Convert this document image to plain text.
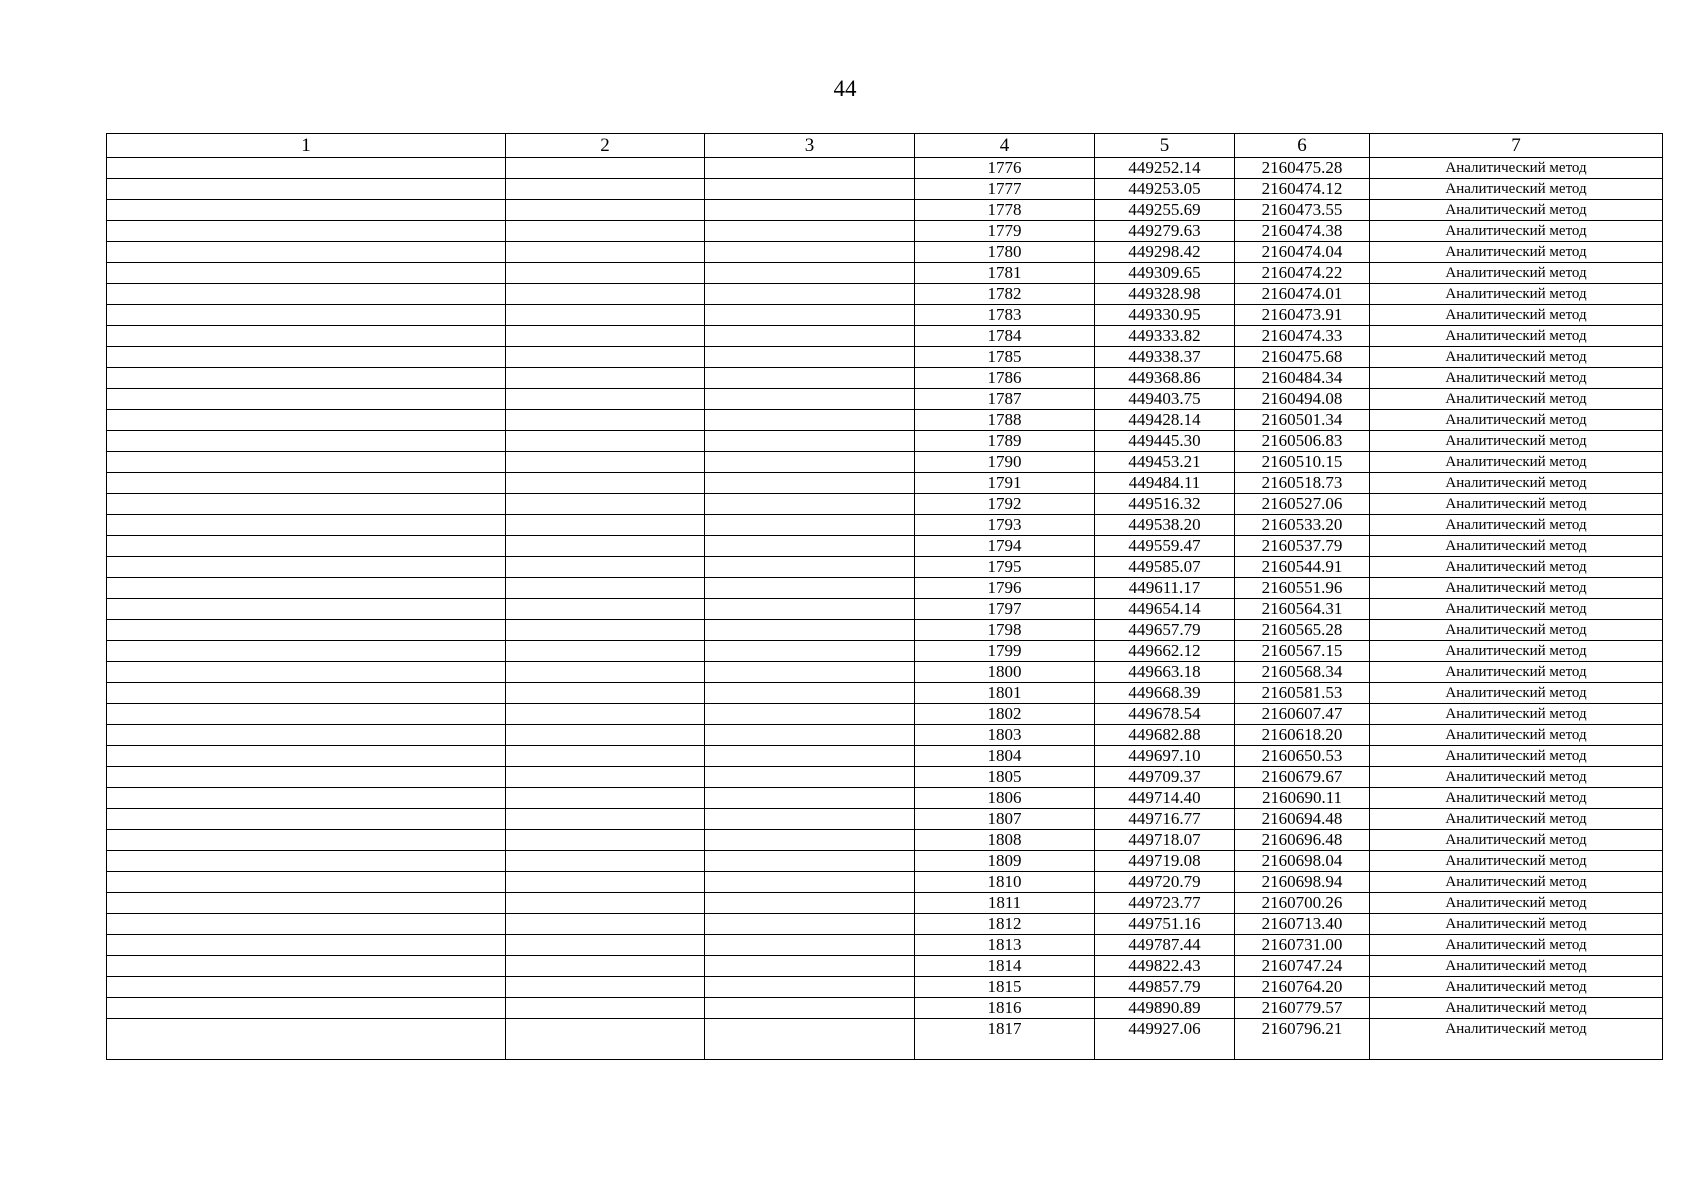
44
1	2	3	4	5	6	7
			1776	449252.14	2160475.28	Аналитический метод
			1777	449253.05	2160474.12	Аналитический метод
			1778	449255.69	2160473.55	Аналитический метод
			1779	449279.63	2160474.38	Аналитический метод
			1780	449298.42	2160474.04	Аналитический метод
			1781	449309.65	2160474.22	Аналитический метод
			1782	449328.98	2160474.01	Аналитический метод
			1783	449330.95	2160473.91	Аналитический метод
			1784	449333.82	2160474.33	Аналитический метод
			1785	449338.37	2160475.68	Аналитический метод
			1786	449368.86	2160484.34	Аналитический метод
			1787	449403.75	2160494.08	Аналитический метод
			1788	449428.14	2160501.34	Аналитический метод
			1789	449445.30	2160506.83	Аналитический метод
			1790	449453.21	2160510.15	Аналитический метод
			1791	449484.11	2160518.73	Аналитический метод
			1792	449516.32	2160527.06	Аналитический метод
			1793	449538.20	2160533.20	Аналитический метод
			1794	449559.47	2160537.79	Аналитический метод
			1795	449585.07	2160544.91	Аналитический метод
			1796	449611.17	2160551.96	Аналитический метод
			1797	449654.14	2160564.31	Аналитический метод
			1798	449657.79	2160565.28	Аналитический метод
			1799	449662.12	2160567.15	Аналитический метод
			1800	449663.18	2160568.34	Аналитический метод
			1801	449668.39	2160581.53	Аналитический метод
			1802	449678.54	2160607.47	Аналитический метод
			1803	449682.88	2160618.20	Аналитический метод
			1804	449697.10	2160650.53	Аналитический метод
			1805	449709.37	2160679.67	Аналитический метод
			1806	449714.40	2160690.11	Аналитический метод
			1807	449716.77	2160694.48	Аналитический метод
			1808	449718.07	2160696.48	Аналитический метод
			1809	449719.08	2160698.04	Аналитический метод
			1810	449720.79	2160698.94	Аналитический метод
			1811	449723.77	2160700.26	Аналитический метод
			1812	449751.16	2160713.40	Аналитический метод
			1813	449787.44	2160731.00	Аналитический метод
			1814	449822.43	2160747.24	Аналитический метод
			1815	449857.79	2160764.20	Аналитический метод
			1816	449890.89	2160779.57	Аналитический метод
			1817	449927.06	2160796.21	Аналитический метод
